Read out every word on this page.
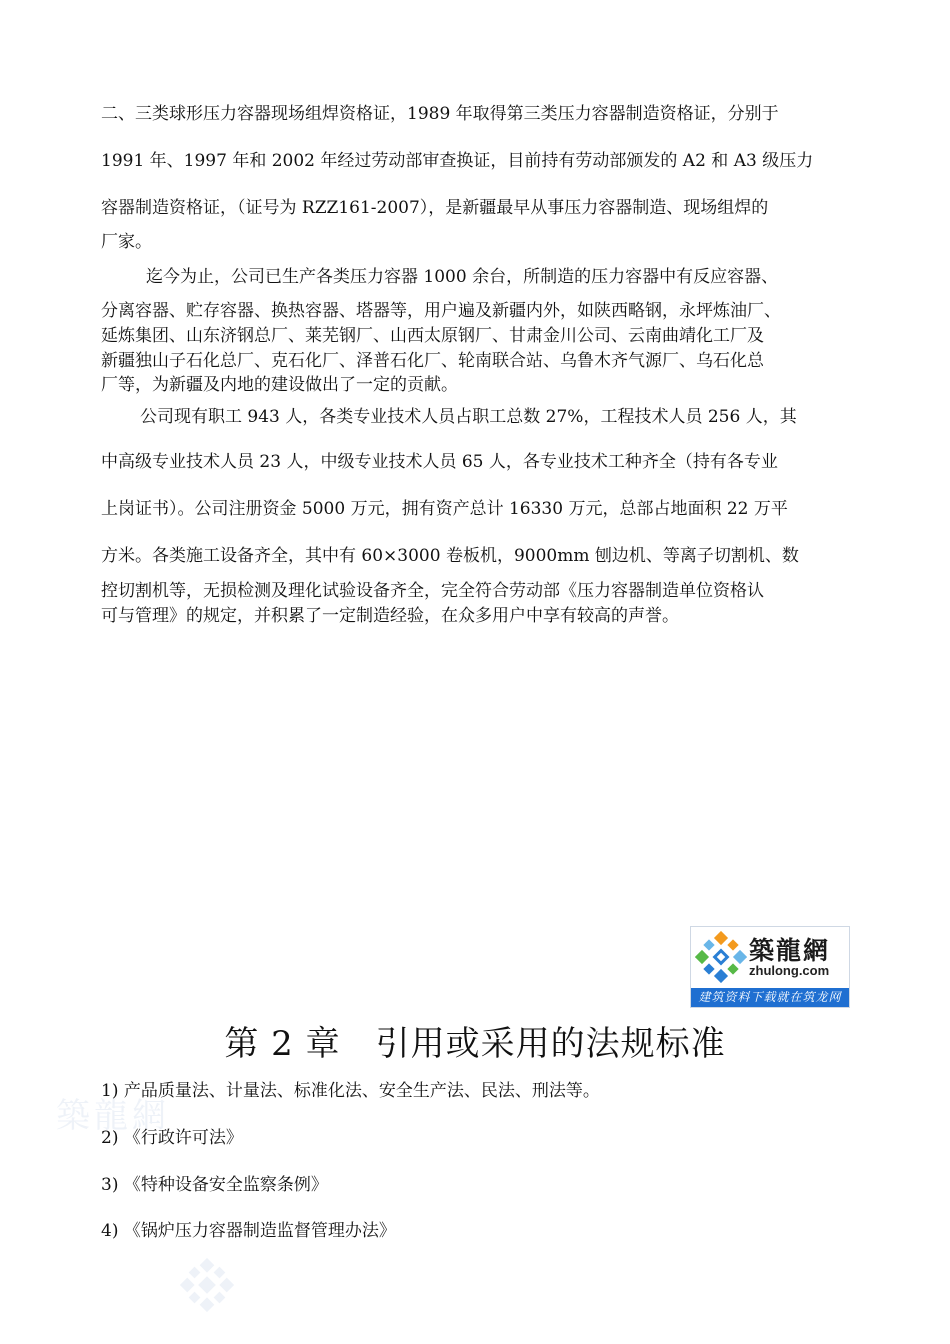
二、三类球形压力容器现场组焊资格证，1989 年取得第三类压力容器制造资格证，分别于
1991 年、1997 年和 2002 年经过劳动部审查换证，目前持有劳动部颁发的 A2 和 A3 级压力
容器制造资格证，（证号为 RZZ161-2007），是新疆最早从事压力容器制造、现场组焊的
厂家。
迄今为止，公司已生产各类压力容器 1000 余台，所制造的压力容器中有反应容器、
分离容器、贮存容器、换热容器、塔器等，用户遍及新疆内外，如陕西略钢，永坪炼油厂、
延炼集团、山东济钢总厂、莱芜钢厂、山西太原钢厂、甘肃金川公司、云南曲靖化工厂及
新疆独山子石化总厂、克石化厂、泽普石化厂、轮南联合站、乌鲁木齐气源厂、乌石化总
厂等，为新疆及内地的建设做出了一定的贡献。
公司现有职工 943 人，各类专业技术人员占职工总数 27%，工程技术人员 256 人，其
中高级专业技术人员 23 人，中级专业技术人员 65 人，各专业技术工种齐全（持有各专业
上岗证书）。公司注册资金 5000 万元，拥有资产总计 16330 万元，总部占地面积 22 万平
方米。各类施工设备齐全，其中有 60×3000 卷板机，9000mm 刨边机、等离子切割机、数
控切割机等，无损检测及理化试验设备齐全，完全符合劳动部《压力容器制造单位资格认
可与管理》的规定，并积累了一定制造经验，在众多用户中享有较高的声誉。
築龍網
zhulong.com
建筑资料下载就在筑龙网
第 2 章　引用或采用的法规标准
築龍網
1) 产品质量法、计量法、标准化法、安全生产法、民法、刑法等。
2) 《行政许可法》
3) 《特种设备安全监察条例》
4) 《锅炉压力容器制造监督管理办法》
